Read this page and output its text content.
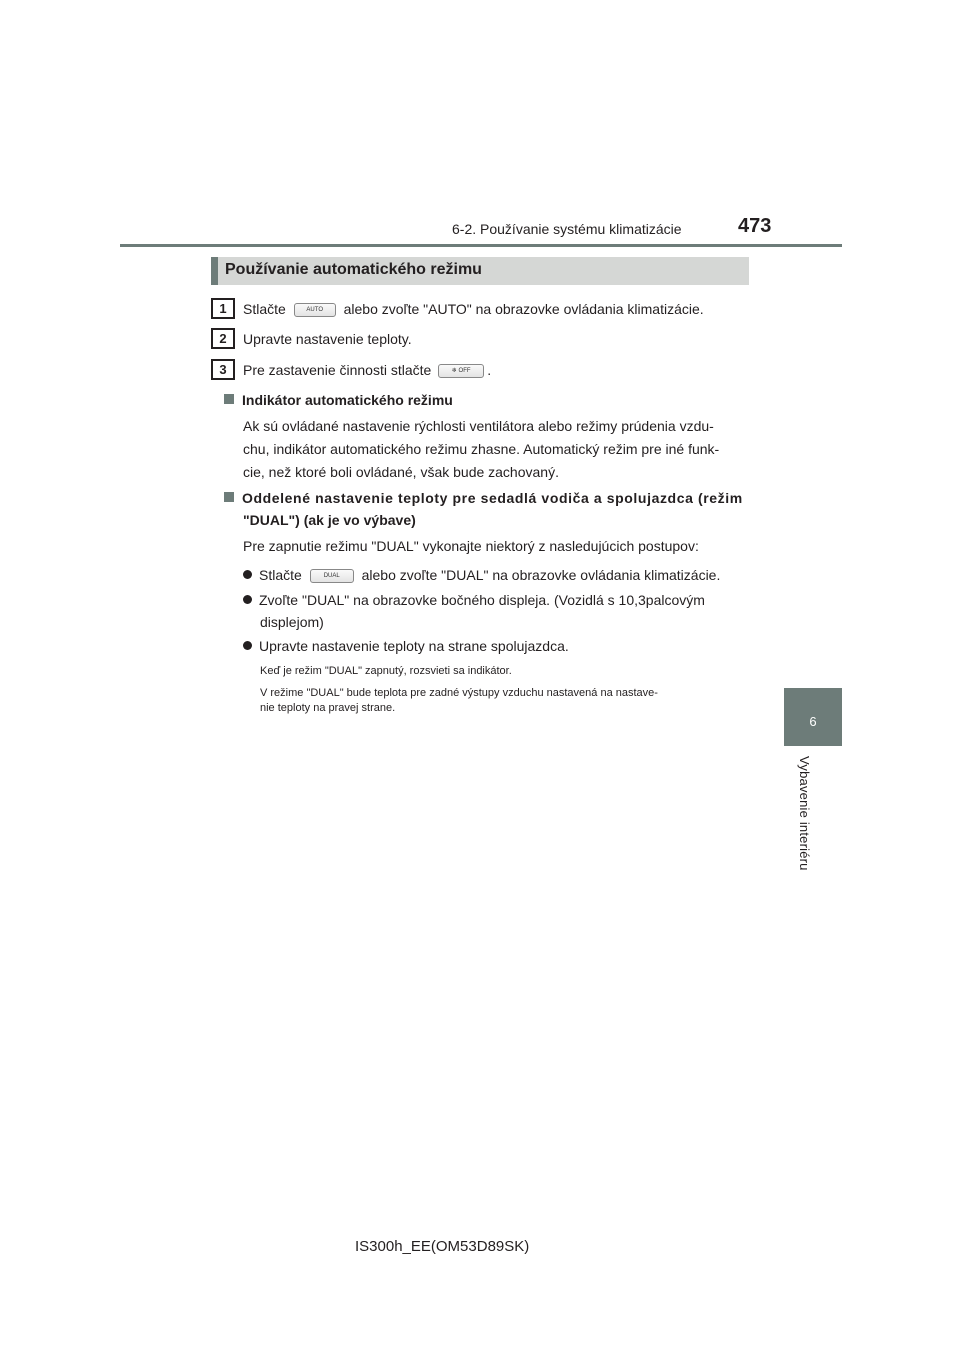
6-2. Používanie systému klimatizácie	473
6
Vybavenie interiéru
Používanie automatického režimu
1	Stlačte	AUTO alebo zvoľte "AUTO" na obrazovke ovládania klimatizácie.
2	Upravte nastavenie teploty.
3	Pre zastavenie činnosti stlačte	❄ OFF .
Indikátor automatického režimu
Ak sú ovládané nastavenie rýchlosti ventilátora alebo režimy prúdenia vzdu-
chu, indikátor automatického režimu zhasne. Automatický režim pre iné funk-
cie, než ktoré boli ovládané, však bude zachovaný.
Oddelené nastavenie teploty pre sedadlá vodiča a spolujazdca (režim
"DUAL") (ak je vo výbave)
Pre zapnutie režimu "DUAL" vykonajte niektorý z nasledujúcich postupov:
Stlačte	DUAL alebo zvoľte "DUAL" na obrazovke ovládania klimatizácie.
Zvoľte "DUAL" na obrazovke bočného displeja. (Vozidlá s 10,3palcovým
displejom)
Upravte nastavenie teploty na strane spolujazdca.
Keď je režim "DUAL" zapnutý, rozsvieti sa indikátor.
V režime "DUAL" bude teplota pre zadné výstupy vzduchu nastavená na nastave-
nie teploty na pravej strane.
IS300h_EE(OM53D89SK)
